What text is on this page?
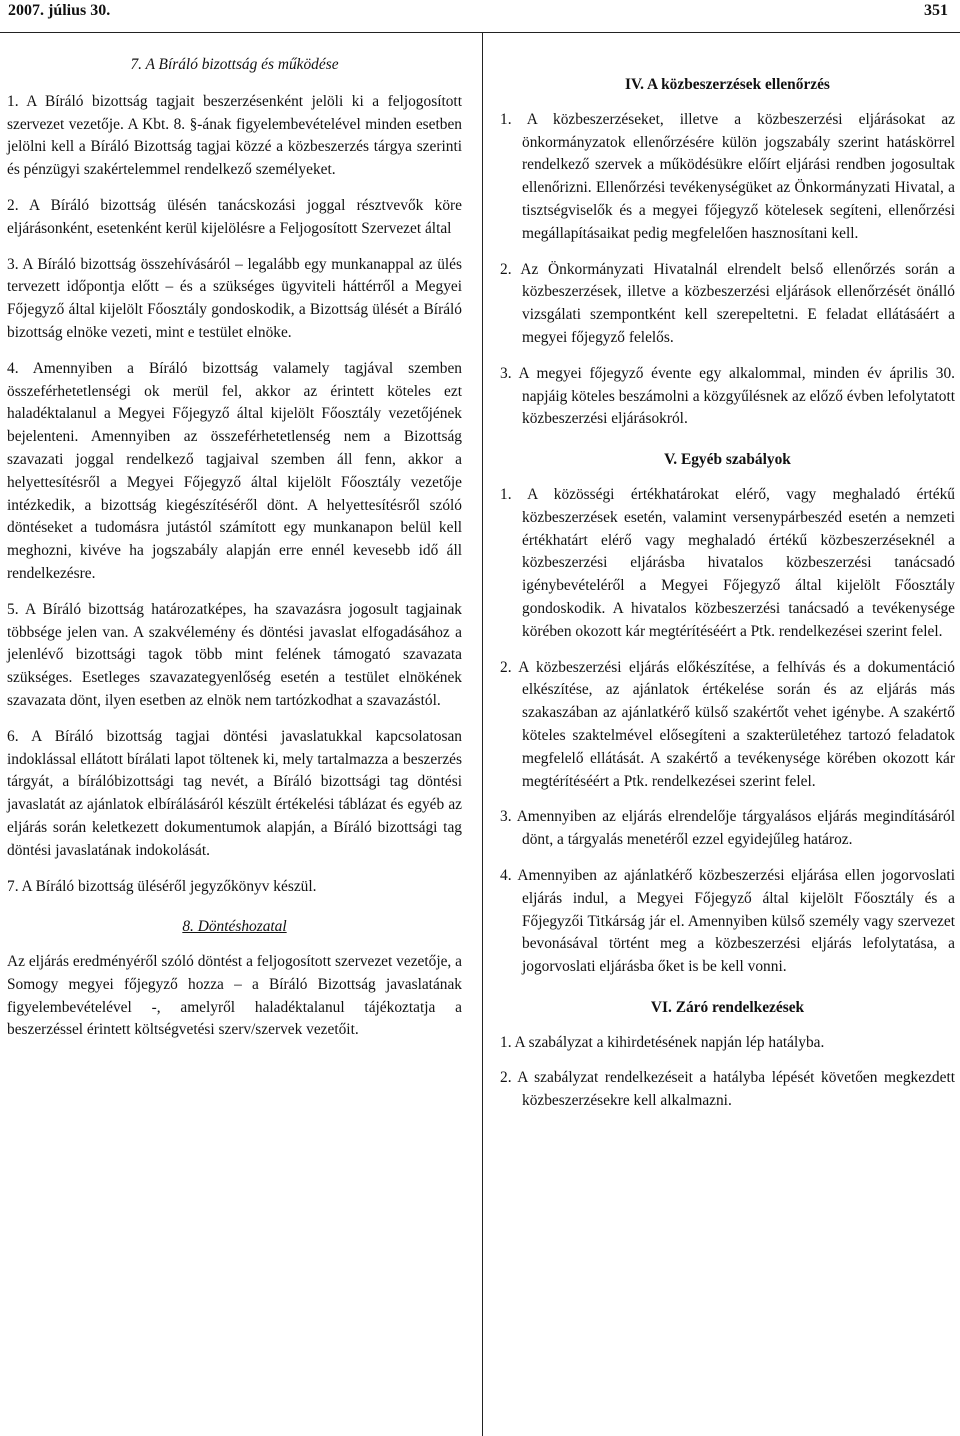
2007. július 30.	351

7. A Bíráló bizottság és működése

1. A Bíráló bizottság tagjait beszerzésenként jelöli ki a feljogosított szervezet vezetője. A Kbt. 8. §-ának figyelembevételével minden esetben jelölni kell a Bíráló Bizottság tagjai közzé a közbeszerzés tárgya szerinti és pénzügyi szakértelemmel rendelkező személyeket.

2. A Bíráló bizottság ülésén tanácskozási joggal résztvevők köre eljárásonként, esetenként kerül kijelölésre a Feljogosított Szervezet által

3. A Bíráló bizottság összehívásáról – legalább egy munkanappal az ülés tervezett időpontja előtt – és a szükséges ügyviteli háttérről a Megyei Főjegyző által kijelölt Főosztály gondoskodik, a Bizottság ülését a Bíráló bizottság elnöke vezeti, mint e testület elnöke.

4. Amennyiben a Bíráló bizottság valamely tagjával szemben összeférhetetlenségi ok merül fel, akkor az érintett köteles ezt haladéktalanul a Megyei Főjegyző által kijelölt Főosztály vezetőjének bejelenteni. Amennyiben az összeférhetetlenség nem a Bizottság szavazati joggal rendelkező tagjaival szemben áll fenn, akkor a helyettesítésről a Megyei Főjegyző által kijelölt Főosztály vezetője intézkedik, a bizottság kiegészítéséről dönt. A helyettesítésről szóló döntéseket a tudomásra jutástól számított egy munkanapon belül kell meghozni, kivéve ha jogszabály alapján erre ennél kevesebb idő áll rendelkezésre.

5. A Bíráló bizottság határozatképes, ha szavazásra jogosult tagjainak többsége jelen van. A szakvélemény és döntési javaslat elfogadásához a jelenlévő bizottsági tagok több mint felének támogató szavazata szükséges. Esetleges szavazategyenlőség esetén a testület elnökének szavazata dönt, ilyen esetben az elnök nem tartózkodhat a szavazástól.

6. A Bíráló bizottság tagjai döntési javaslatukkal kapcsolatosan indoklással ellátott bírálati lapot töltenek ki, mely tartalmazza a beszerzés tárgyát, a bírálóbizottsági tag nevét, a Bíráló bizottsági tag döntési javaslatát az ajánlatok elbírálásáról készült értékelési táblázat és egyéb az eljárás során keletkezett dokumentumok alapján, a Bíráló bizottsági tag döntési javaslatának indokolását.

7. A Bíráló bizottság üléséről jegyzőkönyv készül.

8. Döntéshozatal

Az eljárás eredményéről szóló döntést a feljogosított szervezet vezetője, a Somogy megyei főjegyző hozza – a Bíráló Bizottság javaslatának figyelembevételével -, amelyről haladéktalanul tájékoztatja a beszerzéssel érintett költségvetési szerv/szervek vezetőit.

IV. A közbeszerzések ellenőrzés

1. A közbeszerzéseket, illetve a közbeszerzési eljárásokat az önkormányzatok ellenőrzésére külön jogszabály szerint hatáskörrel rendelkező szervek a működésükre előírt eljárási rendben jogosultak ellenőrizni. Ellenőrzési tevékenységüket az Önkormányzati Hivatal, a tisztségviselők és a megyei főjegyző kötelesek segíteni, ellenőrzési megállapításaikat pedig megfelelően hasznosítani kell.

2. Az Önkormányzati Hivatalnál elrendelt belső ellenőrzés során a közbeszerzések, illetve a közbeszerzési eljárások ellenőrzését önálló vizsgálati szempontként kell szerepeltetni. E feladat ellátásáért a megyei főjegyző felelős.

3. A megyei főjegyző évente egy alkalommal, minden év április 30. napjáig köteles beszámolni a közgyűlésnek az előző évben lefolytatott közbeszerzési eljárásokról.

V. Egyéb szabályok

1. A közösségi értékhatárokat elérő, vagy meghaladó értékű közbeszerzések esetén, valamint versenypárbeszéd esetén a nemzeti értékhatárt elérő vagy meghaladó értékű közbeszerzéseknél a közbeszerzési eljárásba hivatalos közbeszerzési tanácsadó igénybevételéről a Megyei Főjegyző által kijelölt Főosztály gondoskodik. A hivatalos közbeszerzési tanácsadó a tevékenysége körében okozott kár megtérítéséért a Ptk. rendelkezései szerint felel.

2. A közbeszerzési eljárás előkészítése, a felhívás és a dokumentáció elkészítése, az ajánlatok értékelése során és az eljárás más szakaszában az ajánlatkérő külső szakértőt vehet igénybe. A szakértő köteles szaktelmével elősegíteni a szakterületéhez tartozó feladatok megfelelő ellátását. A szakértő a tevékenysége körében okozott kár megtérítéséért a Ptk. rendelkezései szerint felel.

3. Amennyiben az eljárás elrendelője tárgyalásos eljárás megindításáról dönt, a tárgyalás menetéről ezzel egyidejűleg határoz.

4. Amennyiben az ajánlatkérő közbeszerzési eljárása ellen jogorvoslati eljárás indul, a Megyei Főjegyző által kijelölt Főosztály és a Főjegyzői Titkárság jár el. Amennyiben külső személy vagy szervezet bevonásával történt meg a közbeszerzési eljárás lefolytatása, a jogorvoslati eljárásba őket is be kell vonni.

VI. Záró rendelkezések

1. A szabályzat a kihirdetésének napján lép hatályba.

2. A szabályzat rendelkezéseit a hatályba lépését követően megkezdett közbeszerzésekre kell alkalmazni.
